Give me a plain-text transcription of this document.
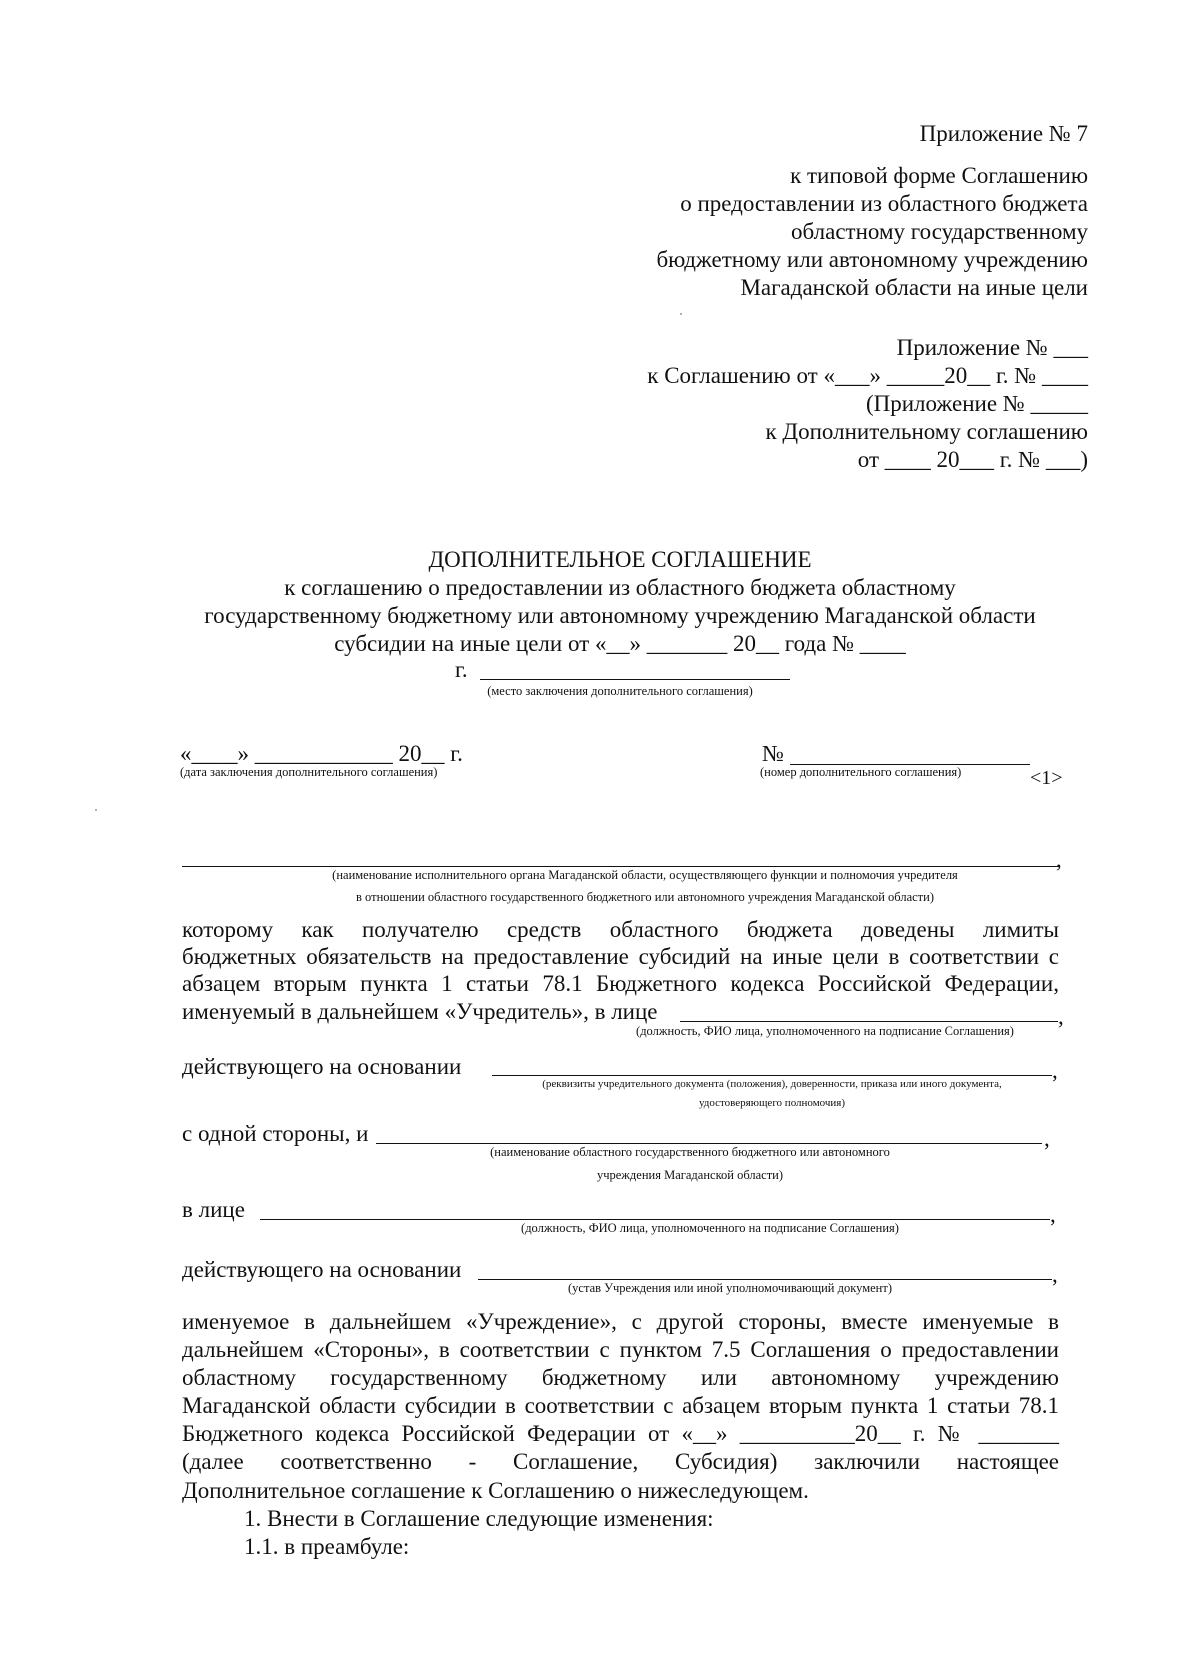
Приложение № 7
к типовой форме Соглашению
о предоставлении из областного бюджета
областному государственному
бюджетному или автономному учреждению
Магаданской области на иные цели
Приложение № ___
к Соглашению от «___» _____20__ г. № ____
(Приложение № _____
к Дополнительному соглашению
от ____ 20___ г. № ___)
ДОПОЛНИТЕЛЬНОЕ СОГЛАШЕНИЕ
к соглашению о предоставлении из областного бюджета областному
государственному бюджетному или автономному учреждению Магаданской области
субсидии на иные цели от «__» _______ 20__ года № ____
г.
(место заключения дополнительного соглашения)
«____» ____________ 20__ г.
(дата заключения дополнительного соглашения)
№
(номер дополнительного соглашения)	<1>
,
(наименование исполнительного органа Магаданской области, осуществляющего функции и полномочия учредителя
в отношении областного государственного бюджетного или автономного учреждения Магаданской области)
которому как получателю средств областного бюджета доведены лимиты
бюджетных обязательств на предоставление субсидий на иные цели в соответствии с
абзацем вторым пункта 1 статьи 78.1 Бюджетного кодекса Российской Федерации,
именуемый в дальнейшем «Учредитель», в лице	,
(должность, ФИО лица, уполномоченного на подписание Соглашения)
действующего на основании	,
(реквизиты учредительного документа (положения), доверенности, приказа или иного документа,
удостоверяющего полномочия)
с одной стороны, и	,
(наименование областного государственного бюджетного или автономного
учреждения Магаданской области)
в лице	,
(должность, ФИО лица, уполномоченного на подписание Соглашения)
действующего на основании	,
(устав Учреждения или иной уполномочивающий документ)
именуемое в дальнейшем «Учреждение», с другой стороны, вместе именуемые в
дальнейшем «Стороны», в соответствии с пунктом 7.5 Соглашения о предоставлении
областному государственному бюджетному или автономному учреждению
Магаданской области субсидии в соответствии с абзацем вторым пункта 1 статьи 78.1
Бюджетного кодекса Российской Федерации от «__» __________20__ г. № _______
(далее соответственно - Соглашение, Субсидия) заключили настоящее
Дополнительное соглашение к Соглашению о нижеследующем.
1. Внести в Соглашение следующие изменения:
1.1. в преамбуле:
